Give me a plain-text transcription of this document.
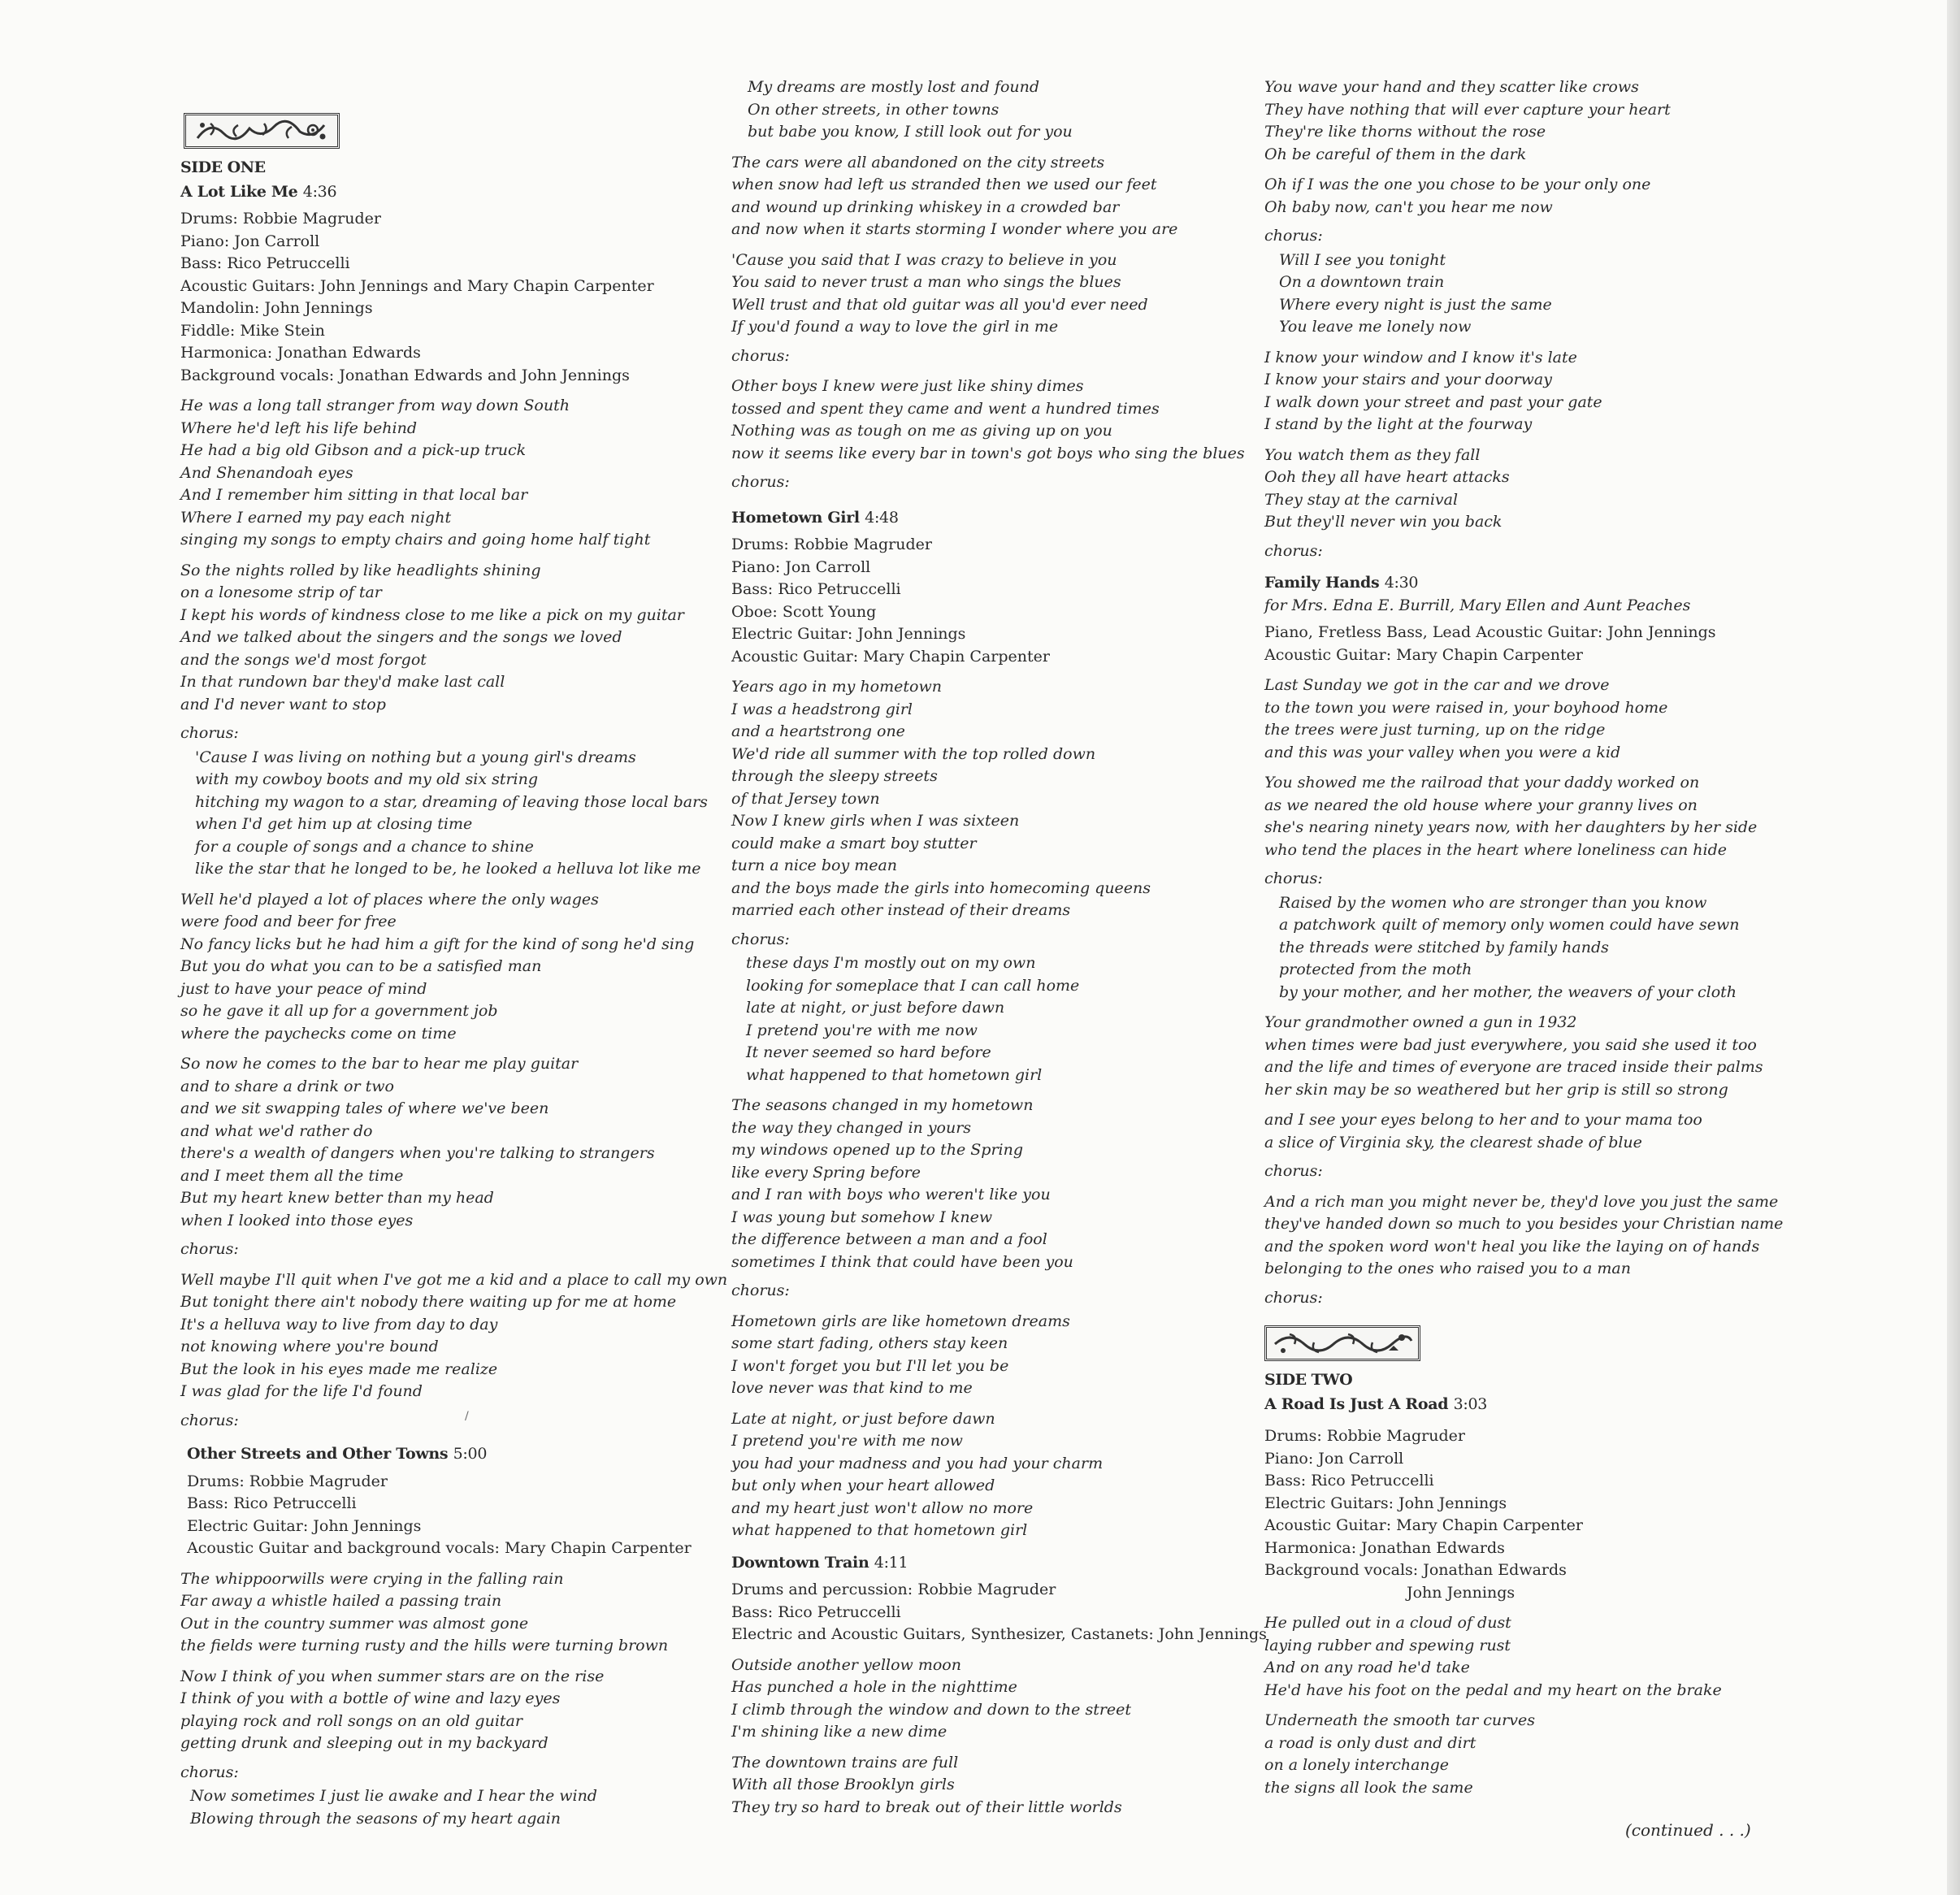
SIDE ONE
A Lot Like Me 4:36
Drums: Robbie Magruder
Piano: Jon Carroll
Bass: Rico Petruccelli
Acoustic Guitars: John Jennings and Mary Chapin Carpenter
Mandolin: John Jennings
Fiddle: Mike Stein
Harmonica: Jonathan Edwards
Background vocals: Jonathan Edwards and John Jennings
He was a long tall stranger from way down South
Where he'd left his life behind
He had a big old Gibson and a pick-up truck
And Shenandoah eyes
And I remember him sitting in that local bar
Where I earned my pay each night
singing my songs to empty chairs and going home half tight
So the nights rolled by like headlights shining
on a lonesome strip of tar
I kept his words of kindness close to me like a pick on my guitar
And we talked about the singers and the songs we loved
and the songs we'd most forgot
In that rundown bar they'd make last call
and I'd never want to stop
chorus:
'Cause I was living on nothing but a young girl's dreams
with my cowboy boots and my old six string
hitching my wagon to a star, dreaming of leaving those local bars
when I'd get him up at closing time
for a couple of songs and a chance to shine
like the star that he longed to be, he looked a helluva lot like me
Well he'd played a lot of places where the only wages
were food and beer for free
No fancy licks but he had him a gift for the kind of song he'd sing
But you do what you can to be a satisfied man
just to have your peace of mind
so he gave it all up for a government job
where the paychecks come on time
So now he comes to the bar to hear me play guitar
and to share a drink or two
and we sit swapping tales of where we've been
and what we'd rather do
there's a wealth of dangers when you're talking to strangers
and I meet them all the time
But my heart knew better than my head
when I looked into those eyes
chorus:
Well maybe I'll quit when I've got me a kid and a place to call my own
But tonight there ain't nobody there waiting up for me at home
It's a helluva way to live from day to day
not knowing where you're bound
But the look in his eyes made me realize
I was glad for the life I'd found
chorus:
Other Streets and Other Towns 5:00
Drums: Robbie Magruder
Bass: Rico Petruccelli
Electric Guitar: John Jennings
Acoustic Guitar and background vocals: Mary Chapin Carpenter
The whippoorwills were crying in the falling rain
Far away a whistle hailed a passing train
Out in the country summer was almost gone
the fields were turning rusty and the hills were turning brown
Now I think of you when summer stars are on the rise
I think of you with a bottle of wine and lazy eyes
playing rock and roll songs on an old guitar
getting drunk and sleeping out in my backyard
chorus:
Now sometimes I just lie awake and I hear the wind
Blowing through the seasons of my heart again
My dreams are mostly lost and found
On other streets, in other towns
but babe you know, I still look out for you
The cars were all abandoned on the city streets
when snow had left us stranded then we used our feet
and wound up drinking whiskey in a crowded bar
and now when it starts storming I wonder where you are
'Cause you said that I was crazy to believe in you
You said to never trust a man who sings the blues
Well trust and that old guitar was all you'd ever need
If you'd found a way to love the girl in me
chorus:
Other boys I knew were just like shiny dimes
tossed and spent they came and went a hundred times
Nothing was as tough on me as giving up on you
now it seems like every bar in town's got boys who sing the blues
chorus:
Hometown Girl 4:48
Drums: Robbie Magruder
Piano: Jon Carroll
Bass: Rico Petruccelli
Oboe: Scott Young
Electric Guitar: John Jennings
Acoustic Guitar: Mary Chapin Carpenter
Years ago in my hometown
I was a headstrong girl
and a heartstrong one
We'd ride all summer with the top rolled down
through the sleepy streets
of that Jersey town
Now I knew girls when I was sixteen
could make a smart boy stutter
turn a nice boy mean
and the boys made the girls into homecoming queens
married each other instead of their dreams
chorus:
these days I'm mostly out on my own
looking for someplace that I can call home
late at night, or just before dawn
I pretend you're with me now
It never seemed so hard before
what happened to that hometown girl
The seasons changed in my hometown
the way they changed in yours
my windows opened up to the Spring
like every Spring before
and I ran with boys who weren't like you
I was young but somehow I knew
the difference between a man and a fool
sometimes I think that could have been you
chorus:
Hometown girls are like hometown dreams
some start fading, others stay keen
I won't forget you but I'll let you be
love never was that kind to me
Late at night, or just before dawn
I pretend you're with me now
you had your madness and you had your charm
but only when your heart allowed
and my heart just won't allow no more
what happened to that hometown girl
Downtown Train 4:11
Drums and percussion: Robbie Magruder
Bass: Rico Petruccelli
Electric and Acoustic Guitars, Synthesizer, Castanets: John Jennings
Outside another yellow moon
Has punched a hole in the nighttime
I climb through the window and down to the street
I'm shining like a new dime
The downtown trains are full
With all those Brooklyn girls
They try so hard to break out of their little worlds
You wave your hand and they scatter like crows
They have nothing that will ever capture your heart
They're like thorns without the rose
Oh be careful of them in the dark
Oh if I was the one you chose to be your only one
Oh baby now, can't you hear me now
chorus:
Will I see you tonight
On a downtown train
Where every night is just the same
You leave me lonely now
I know your window and I know it's late
I know your stairs and your doorway
I walk down your street and past your gate
I stand by the light at the fourway
You watch them as they fall
Ooh they all have heart attacks
They stay at the carnival
But they'll never win you back
chorus:
Family Hands 4:30
for Mrs. Edna E. Burrill, Mary Ellen and Aunt Peaches
Piano, Fretless Bass, Lead Acoustic Guitar: John Jennings
Acoustic Guitar: Mary Chapin Carpenter
Last Sunday we got in the car and we drove
to the town you were raised in, your boyhood home
the trees were just turning, up on the ridge
and this was your valley when you were a kid
You showed me the railroad that your daddy worked on
as we neared the old house where your granny lives on
she's nearing ninety years now, with her daughters by her side
who tend the places in the heart where loneliness can hide
chorus:
Raised by the women who are stronger than you know
a patchwork quilt of memory only women could have sewn
the threads were stitched by family hands
protected from the moth
by your mother, and her mother, the weavers of your cloth
Your grandmother owned a gun in 1932
when times were bad just everywhere, you said she used it too
and the life and times of everyone are traced inside their palms
her skin may be so weathered but her grip is still so strong
and I see your eyes belong to her and to your mama too
a slice of Virginia sky, the clearest shade of blue
chorus:
And a rich man you might never be, they'd love you just the same
they've handed down so much to you besides your Christian name
and the spoken word won't heal you like the laying on of hands
belonging to the ones who raised you to a man
chorus:
SIDE TWO
A Road Is Just A Road 3:03
Drums: Robbie Magruder
Piano: Jon Carroll
Bass: Rico Petruccelli
Electric Guitars: John Jennings
Acoustic Guitar: Mary Chapin Carpenter
Harmonica: Jonathan Edwards
Background vocals: Jonathan Edwards
John Jennings
He pulled out in a cloud of dust
laying rubber and spewing rust
And on any road he'd take
He'd have his foot on the pedal and my heart on the brake
Underneath the smooth tar curves
a road is only dust and dirt
on a lonely interchange
the signs all look the same
(continued . . .)
/
